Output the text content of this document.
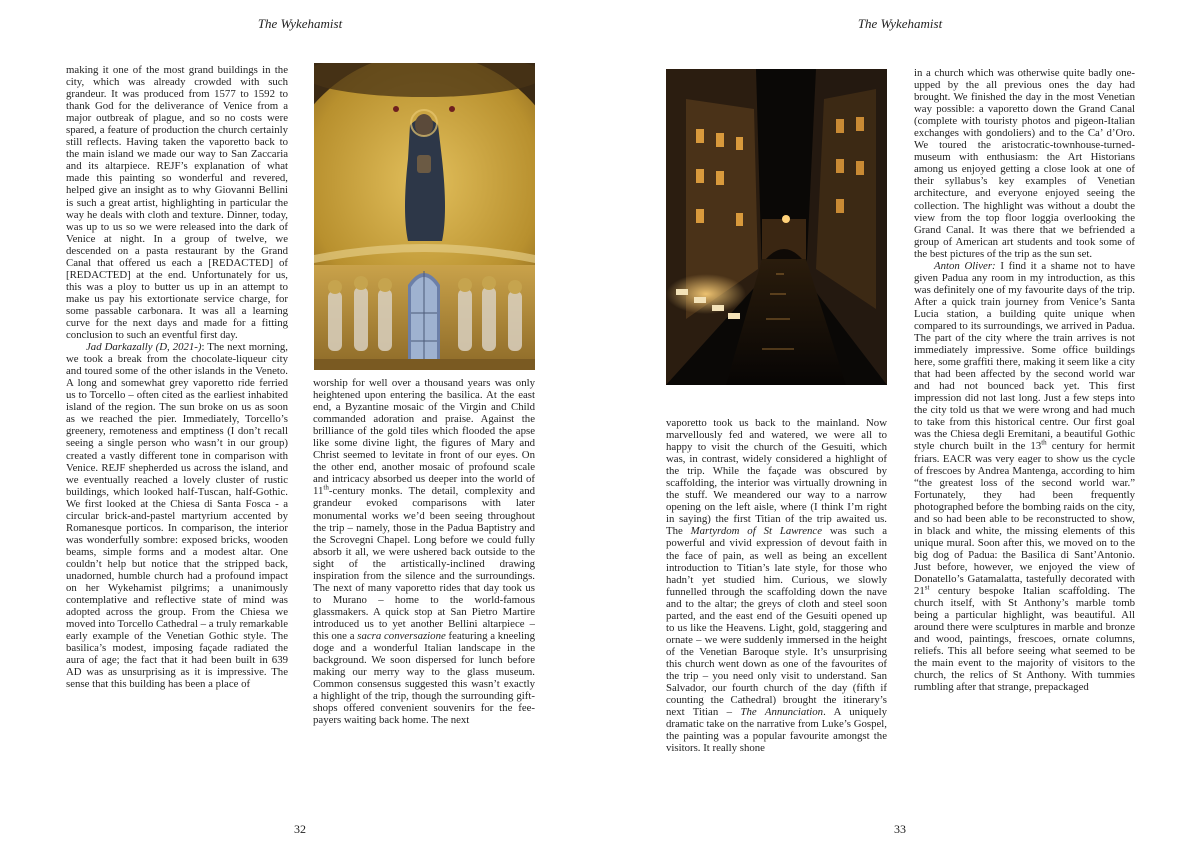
The Wykehamist

making it one of the most grand buildings in the city, which was already crowded with such grandeur. It was produced from 1577 to 1592 to thank God for the deliverance of Venice from a major outbreak of plague, and so no costs were spared, a feature of production the church certainly still reflects. Having taken the vaporetto back to the main island we made our way to San Zaccaria and its altarpiece. REJF’s explanation of what made this painting so wonderful and revered, helped give an insight as to why Giovanni Bellini is such a great artist, highlighting in particular the way he deals with cloth and texture. Dinner, today, was up to us so we were released into the dark of Venice at night. In a group of twelve, we descended on a pasta restaurant by the Grand Canal that offered us each a [REDACTED] of [REDACTED] at the end. Unfortunately for us, this was a ploy to butter us up in an attempt to make us pay his extortionate service charge, for some passable carbonara. It was all a learning curve for the next days and made for a fitting conclusion to such an eventful first day.

Jad Darkazally (D, 2021-): The next morning, we took a break from the chocolate-liqueur city and toured some of the other islands in the Veneto. A long and somewhat grey vaporetto ride ferried us to Torcello – often cited as the earliest inhabited island of the region. The sun broke on us as soon as we reached the pier. Immediately, Torcello’s greenery, remoteness and emptiness (I don’t recall seeing a single person who wasn’t in our group) created a vastly different tone in comparison with Venice. REJF shepherded us across the island, and we eventually reached a lovely cluster of rustic buildings, which looked half-Tuscan, half-Gothic. We first looked at the Chiesa di Santa Fosca - a circular brick-and-pastel martyrium accented by Romanesque porticos. In comparison, the interior was wonderfully sombre: exposed bricks, wooden beams, simple forms and a modest altar. One couldn’t help but notice that the stripped back, unadorned, humble church had a profound impact on her Wykehamist pilgrims; a unanimously contemplative and reflective state of mind was adopted across the group. From the Chiesa we moved into Torcello Cathedral – a truly remarkable early example of the Venetian Gothic style. The basilica’s modest, imposing façade radiated the aura of age; the fact that it had been built in 639 AD was as unsurprising as it is impressive. The sense that this building has been a place of

worship for well over a thousand years was only heightened upon entering the basilica. At the east end, a Byzantine mosaic of the Virgin and Child commanded adoration and praise. Against the brilliance of the gold tiles which flooded the apse like some divine light, the figures of Mary and Christ seemed to levitate in front of our eyes. On the other end, another mosaic of profound scale and intricacy absorbed us deeper into the world of 11th-century monks. The detail, complexity and grandeur evoked comparisons with later monumental works we’d been seeing throughout the trip – namely, those in the Padua Baptistry and the Scrovegni Chapel. Long before we could fully absorb it all, we were ushered back outside to the sight of the artistically-inclined drawing inspiration from the silence and the surroundings. The next of many vaporetto rides that day took us to Murano – home to the world-famous glassmakers. A quick stop at San Pietro Martire introduced us to yet another Bellini altarpiece – this one a sacra conversazione featuring a kneeling doge and a wonderful Italian landscape in the background. We soon dispersed for lunch before making our merry way to the glass museum. Common consensus suggested this wasn’t exactly a highlight of the trip, though the surrounding gift-shops offered convenient souvenirs for the fee-payers waiting back home. The next

32
The Wykehamist

vaporetto took us back to the mainland. Now marvellously fed and watered, we were all to happy to visit the church of the Gesuiti, which was, in contrast, widely considered a highlight of the trip. While the façade was obscured by scaffolding, the interior was virtually drowning in the stuff. We meandered our way to a narrow opening on the left aisle, where (I think I’m right in saying) the first Titian of the trip awaited us. The Martyrdom of St Lawrence was such a powerful and vivid expression of devout faith in the face of pain, as well as being an excellent introduction to Titian’s late style, for those who hadn’t yet studied him. Curious, we slowly funnelled through the scaffolding down the nave and to the altar; the greys of cloth and steel soon parted, and the east end of the Gesuiti opened up to us like the Heavens. Light, gold, staggering and ornate – we were suddenly immersed in the height of the Venetian Baroque style. It’s unsurprising this church went down as one of the favourites of the trip – you need only visit to understand. San Salvador, our fourth church of the day (fifth if counting the Cathedral) brought the itinerary’s next Titian – The Annunciation. A uniquely dramatic take on the narrative from Luke’s Gospel, the painting was a popular favourite amongst the visitors. It really shone

in a church which was otherwise quite badly one-upped by the all previous ones the day had brought. We finished the day in the most Venetian way possible: a vaporetto down the Grand Canal (complete with touristy photos and pigeon-Italian exchanges with gondoliers) and to the Ca’ d’Oro. We toured the aristocratic-townhouse-turned-museum with enthusiasm: the Art Historians among us enjoyed getting a close look at one of their syllabus’s key examples of Venetian architecture, and everyone enjoyed seeing the collection. The highlight was without a doubt the view from the top floor loggia overlooking the Grand Canal. It was there that we befriended a group of American art students and took some of the best pictures of the trip as the sun set.

Anton Oliver: I find it a shame not to have given Padua any room in my introduction, as this was definitely one of my favourite days of the trip. After a quick train journey from Venice’s Santa Lucia station, a building quite unique when compared to its surroundings, we arrived in Padua. The part of the city where the train arrives is not immediately impressive. Some office buildings here, some graffiti there, making it seem like a city that had been affected by the second world war and had not bounced back yet. This first impression did not last long. Just a few steps into the city told us that we were wrong and had much to take from this historical centre. Our first goal was the Chiesa degli Eremitani, a beautiful Gothic style church built in the 13th century for hermit friars. EACR was very eager to show us the cycle of frescoes by Andrea Mantenga, according to him “the greatest loss of the second world war.” Fortunately, they had been frequently photographed before the bombing raids on the city, and so had been able to be reconstructed to show, in black and white, the missing elements of this unique mural. Soon after this, we moved on to the big dog of Padua: the Basilica di Sant’Antonio. Just before, however, we enjoyed the view of Donatello’s Gatamalatta, tastefully decorated with 21st century bespoke Italian scaffolding. The church itself, with St Anthony’s marble tomb being a particular highlight, was beautiful. All around there were sculptures in marble and bronze and wood, paintings, frescoes, ornate columns, reliefs. This all before seeing what seemed to be the main event to the majority of visitors to the church, the relics of St Anthony. With tummies rumbling after that strange, prepackaged

33
